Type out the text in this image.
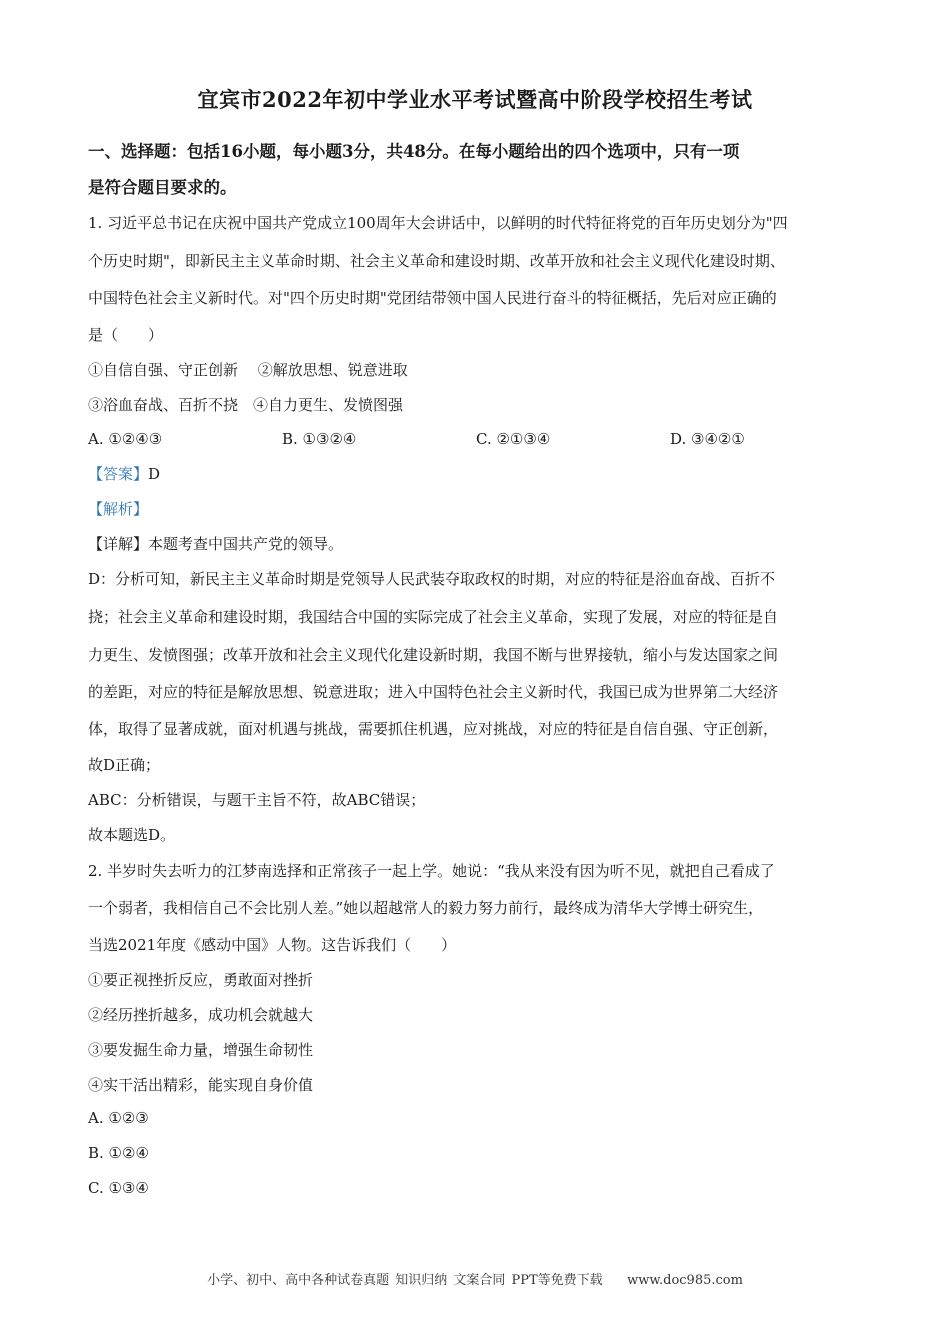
宜宾市2022年初中学业水平考试暨高中阶段学校招生考试
一、选择题：包括16小题，每小题3分，共48分。在每小题给出的四个选项中，只有一项
是符合题目要求的。
1. 习近平总书记在庆祝中国共产党成立100周年大会讲话中，以鲜明的时代特征将党的百年历史划分为"四
个历史时期"，即新民主主义革命时期、社会主义革命和建设时期、改革开放和社会主义现代化建设时期、
中国特色社会主义新时代。对"四个历史时期"党团结带领中国人民进行奋斗的特征概括，先后对应正确的
是（　　）
①自信自强、守正创新　 ②解放思想、锐意进取
③浴血奋战、百折不挠　④自力更生、发愤图强
A. ①②④③	B. ①③②④	C. ②①③④	D. ③④②①
【答案】D
【解析】
【详解】本题考查中国共产党的领导。
D：分析可知，新民主主义革命时期是党领导人民武装夺取政权的时期，对应的特征是浴血奋战、百折不
挠；社会主义革命和建设时期，我国结合中国的实际完成了社会主义革命，实现了发展，对应的特征是自
力更生、发愤图强；改革开放和社会主义现代化建设新时期，我国不断与世界接轨，缩小与发达国家之间
的差距，对应的特征是解放思想、锐意进取；进入中国特色社会主义新时代，我国已成为世界第二大经济
体，取得了显著成就，面对机遇与挑战，需要抓住机遇，应对挑战，对应的特征是自信自强、守正创新，
故D正确；
ABC：分析错误，与题干主旨不符，故ABC错误；
故本题选D。
2. 半岁时失去听力的江梦南选择和正常孩子一起上学。她说：“我从来没有因为听不见，就把自己看成了
一个弱者，我相信自己不会比别人差。”她以超越常人的毅力努力前行，最终成为清华大学博士研究生，
当选2021年度《感动中国》人物。这告诉我们（　　）
①要正视挫折反应，勇敢面对挫折
②经历挫折越多，成功机会就越大
③要发掘生命力量，增强生命韧性
④实干活出精彩，能实现自身价值
A. ①②③
B. ①②④
C. ①③④
小学、初中、高中各种试卷真题 知识归纳 文案合同 PPT等免费下载 www.doc985.com
